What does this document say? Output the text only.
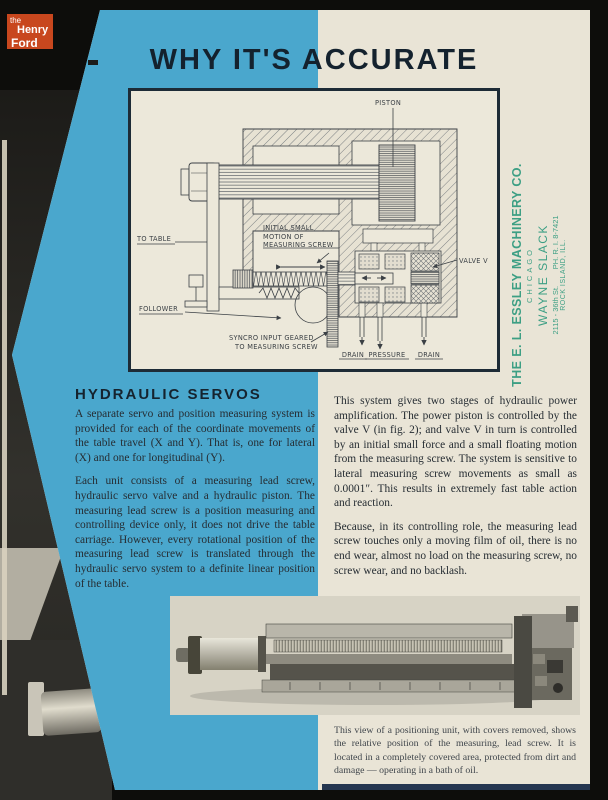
the
Henry
Ford
WHY IT'S ACCURATE
PISTON
TO TABLE
FOLLOWER
INITIAL SMALL
MOTION OF
MEASURING SCREW
SYNCRO INPUT GEARED
TO MEASURING SCREW
VALVE V
DRAIN PRESSURE DRAIN	THE E. L. ESSLEY MACHINERY CO. CHICAGO WAYNE SLACK 2115 - 36th St.        PH. R. I. 8-7421 ROCK ISLAND, ILL.
HYDRAULIC SERVOS

A separate servo and position measuring system is provided for each of the coordinate movements of the table travel (X and Y). That is, one for lateral (X) and one for longitudinal (Y).

Each unit consists of a measuring lead screw, hydraulic servo valve and a hydraulic piston. The measuring lead screw is a position measuring and controlling device only, it does not drive the table carriage. However, every rotational position of the measuring lead screw is translated through the hydraulic servo system to a definite linear position of the table.

This system gives two stages of hydraulic power amplification. The power piston is controlled by the valve V (in fig. 2); and valve V in turn is controlled by an initial small force and a small floating motion from the measuring screw. The system is sensitive to lateral measuring screw movements as small as 0.0001″. This results in extremely fast table action and reaction.

Because, in its controlling role, the measuring lead screw touches only a moving film of oil, there is no end wear, almost no load on the measuring screw, no screw wear, and no backlash.

This view of a positioning unit, with covers removed, shows the relative position of the measuring, lead screw. It is located in a completely covered area, protected from dirt and damage — operating in a bath of oil.
